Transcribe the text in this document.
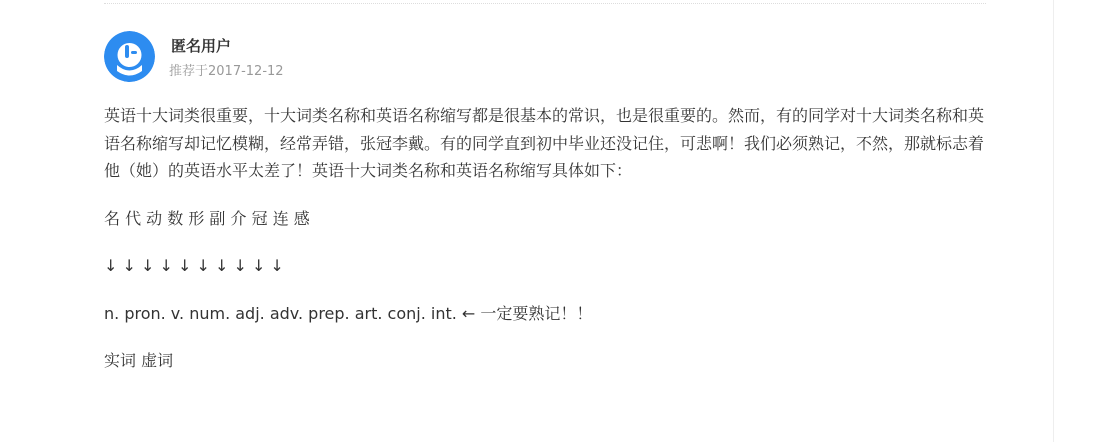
匿名用户
推荐于2017-12-12

英语十大词类很重要，十大词类名称和英语名称缩写都是很基本的常识，也是很重要的。然而，有的同学对十大词类名称和英语名称缩写却记忆模糊，经常弄错，张冠李戴。有的同学直到初中毕业还没记住，可悲啊！我们必须熟记，不然，那就标志着他（她）的英语水平太差了！英语十大词类名称和英语名称缩写具体如下：

名 代 动 数 形 副 介 冠 连 感

↓ ↓ ↓ ↓ ↓ ↓ ↓ ↓ ↓ ↓

n. pron. v. num. adj. adv. prep. art. conj. int. ← 一定要熟记！！

实词 虚词
